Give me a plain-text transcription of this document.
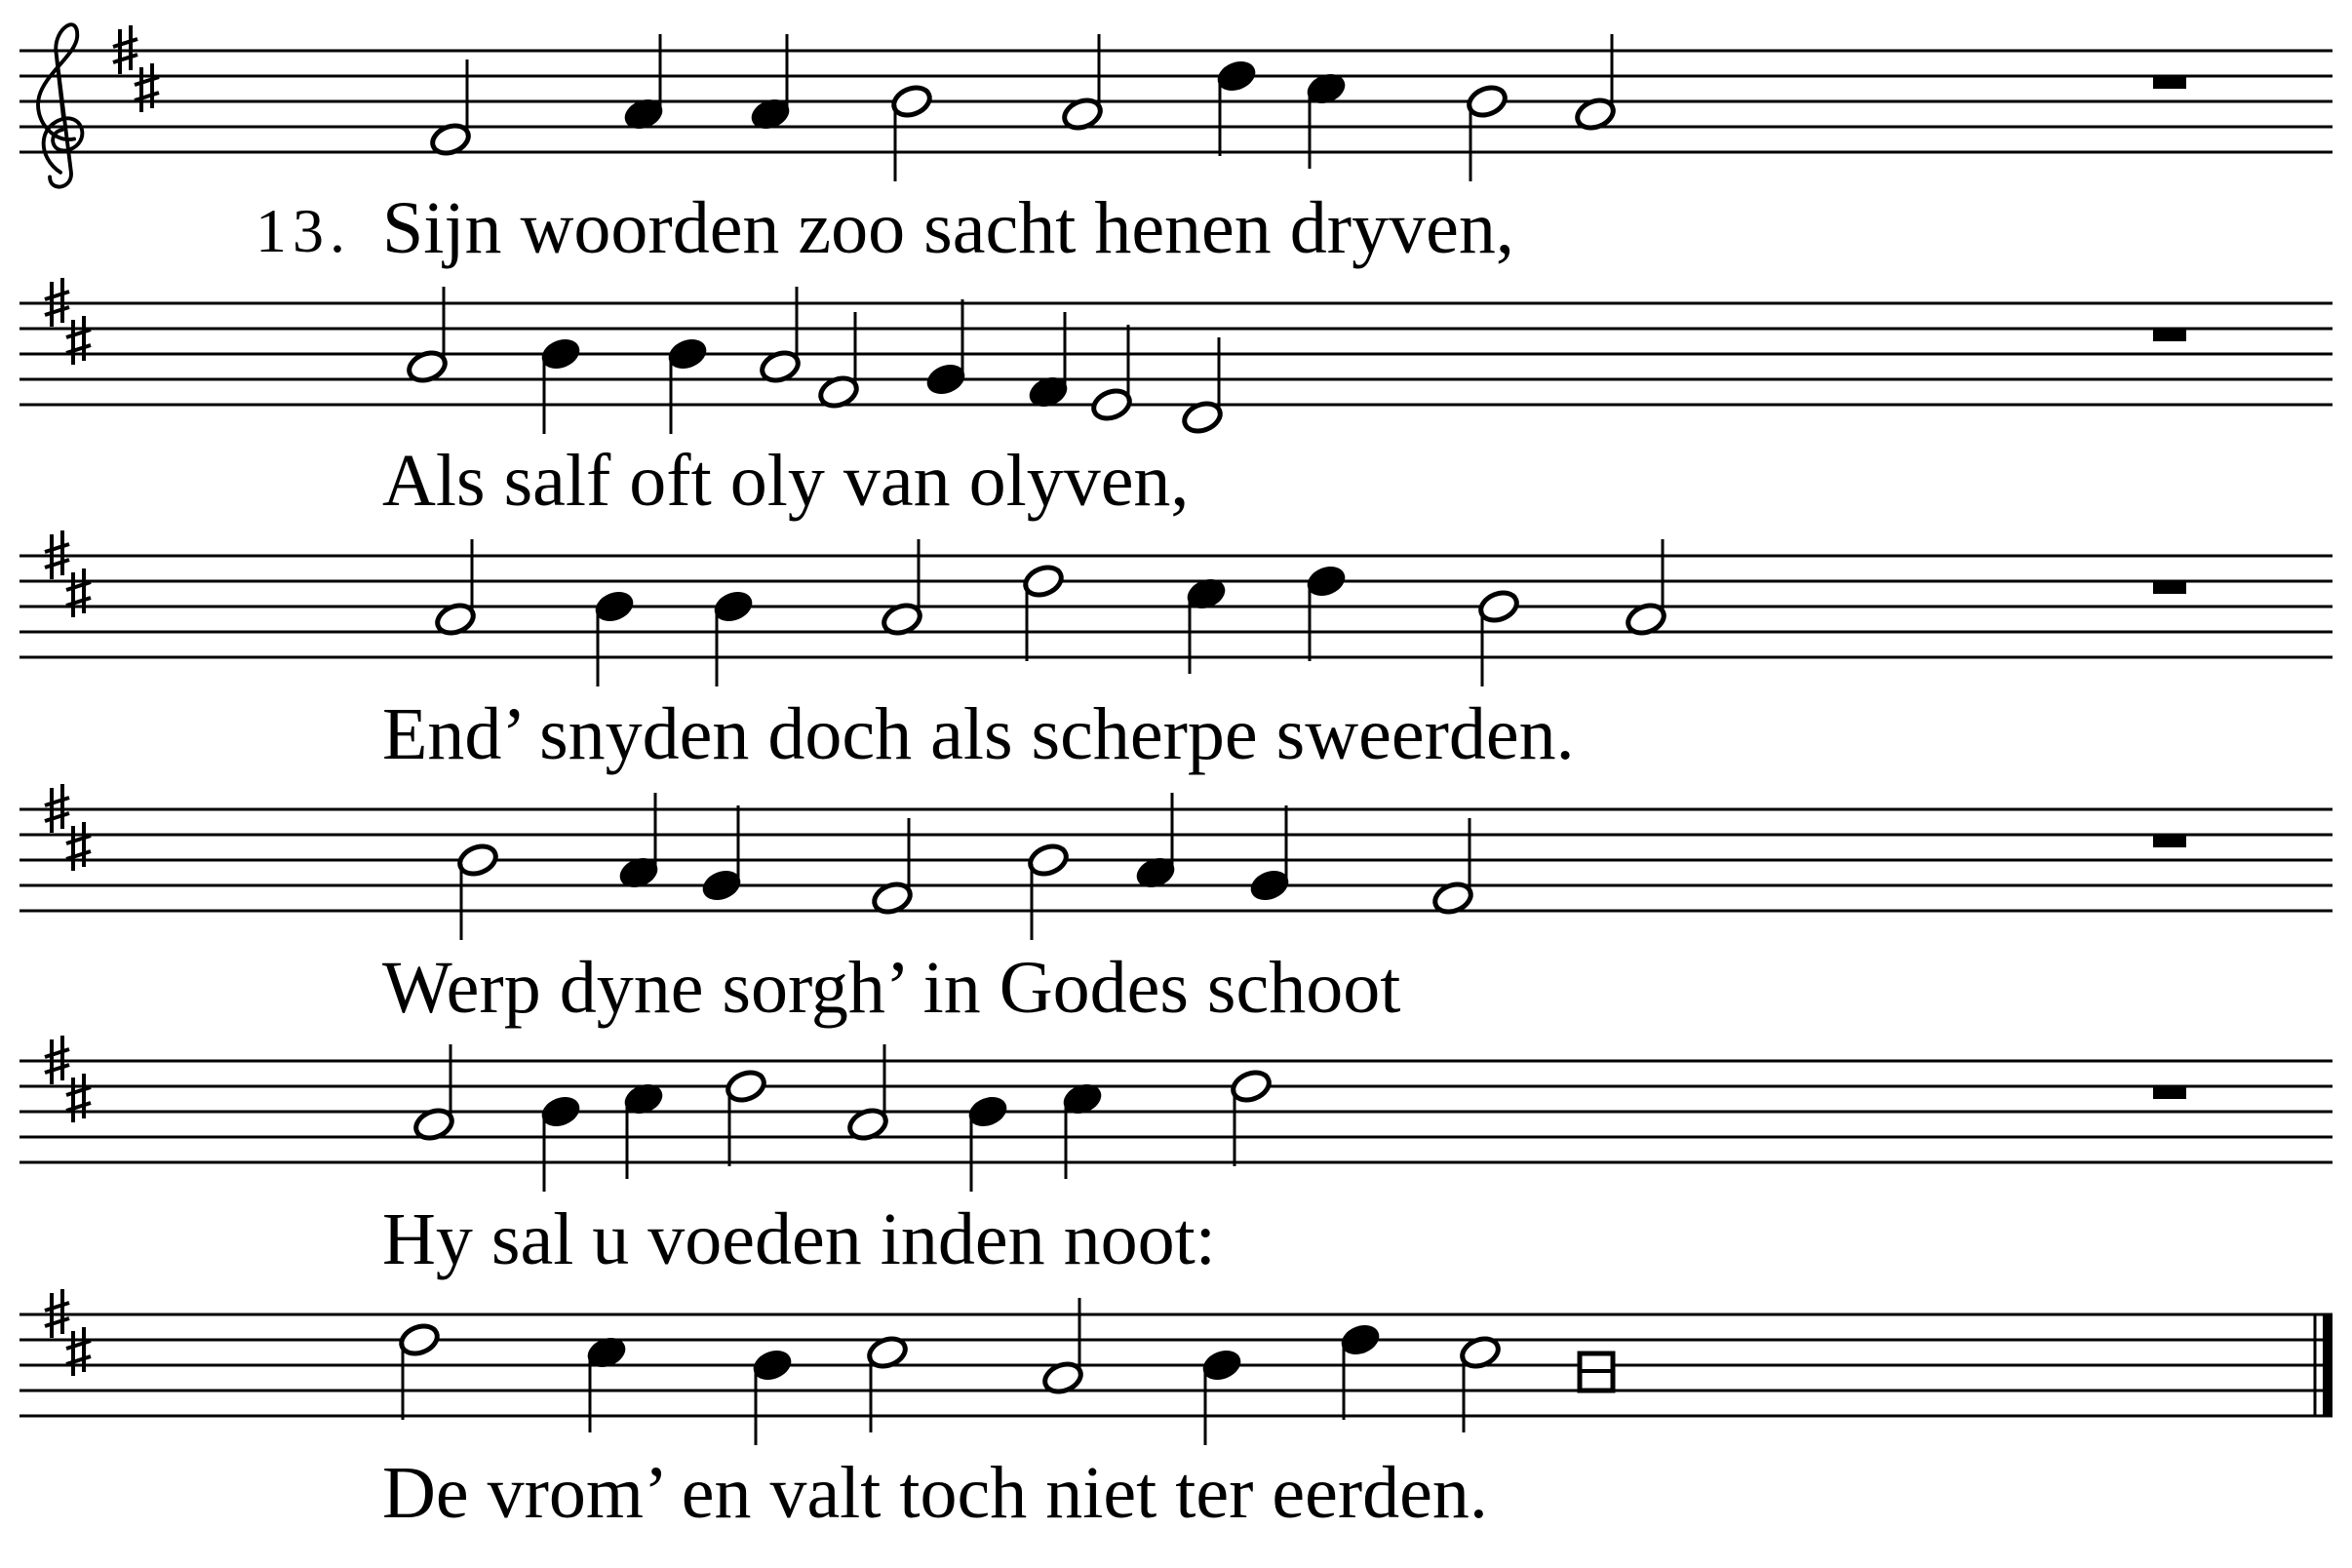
13. Sijn woorden zoo sacht henen dryven,
Als salf oft oly van olyven,
End’ snyden doch als scherpe sweerden.
Werp dyne sorgh’ in Godes schoot
Hy sal u voeden inden noot:
De vrom’ en valt toch niet ter eerden.
